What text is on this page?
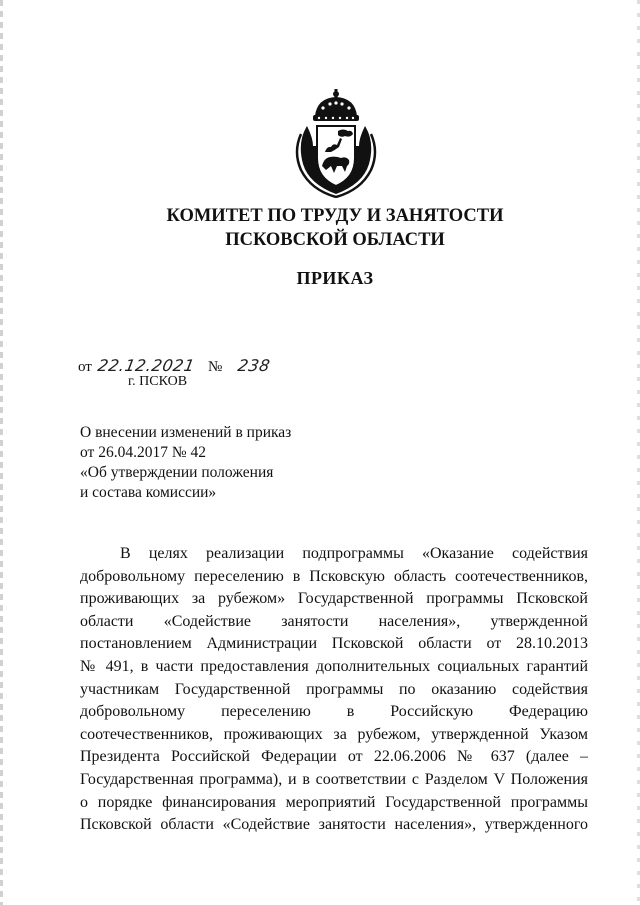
КОМИТЕТ ПО ТРУДУ И ЗАНЯТОСТИ
ПСКОВСКОЙ ОБЛАСТИ
ПРИКАЗ
от 22.12.2021 № 238
г. ПСКОВ
О внесении изменений в приказ
от 26.04.2017 № 42
«Об утверждении положения
и состава комиссии»
В целях реализации подпрограммы «Оказание содействия
добровольному переселению в Псковскую область соотечественников,
проживающих за рубежом» Государственной программы Псковской
области «Содействие занятости населения», утвержденной
постановлением Администрации Псковской области от 28.10.2013
№ 491, в части предоставления дополнительных социальных гарантий
участникам Государственной программы по оказанию содействия
добровольному переселению в Российскую Федерацию
соотечественников, проживающих за рубежом, утвержденной Указом
Президента Российской Федерации от 22.06.2006 № 637 (далее –
Государственная программа), и в соответствии с Разделом V Положения
о порядке финансирования мероприятий Государственной программы
Псковской области «Содействие занятости населения», утвержденного
